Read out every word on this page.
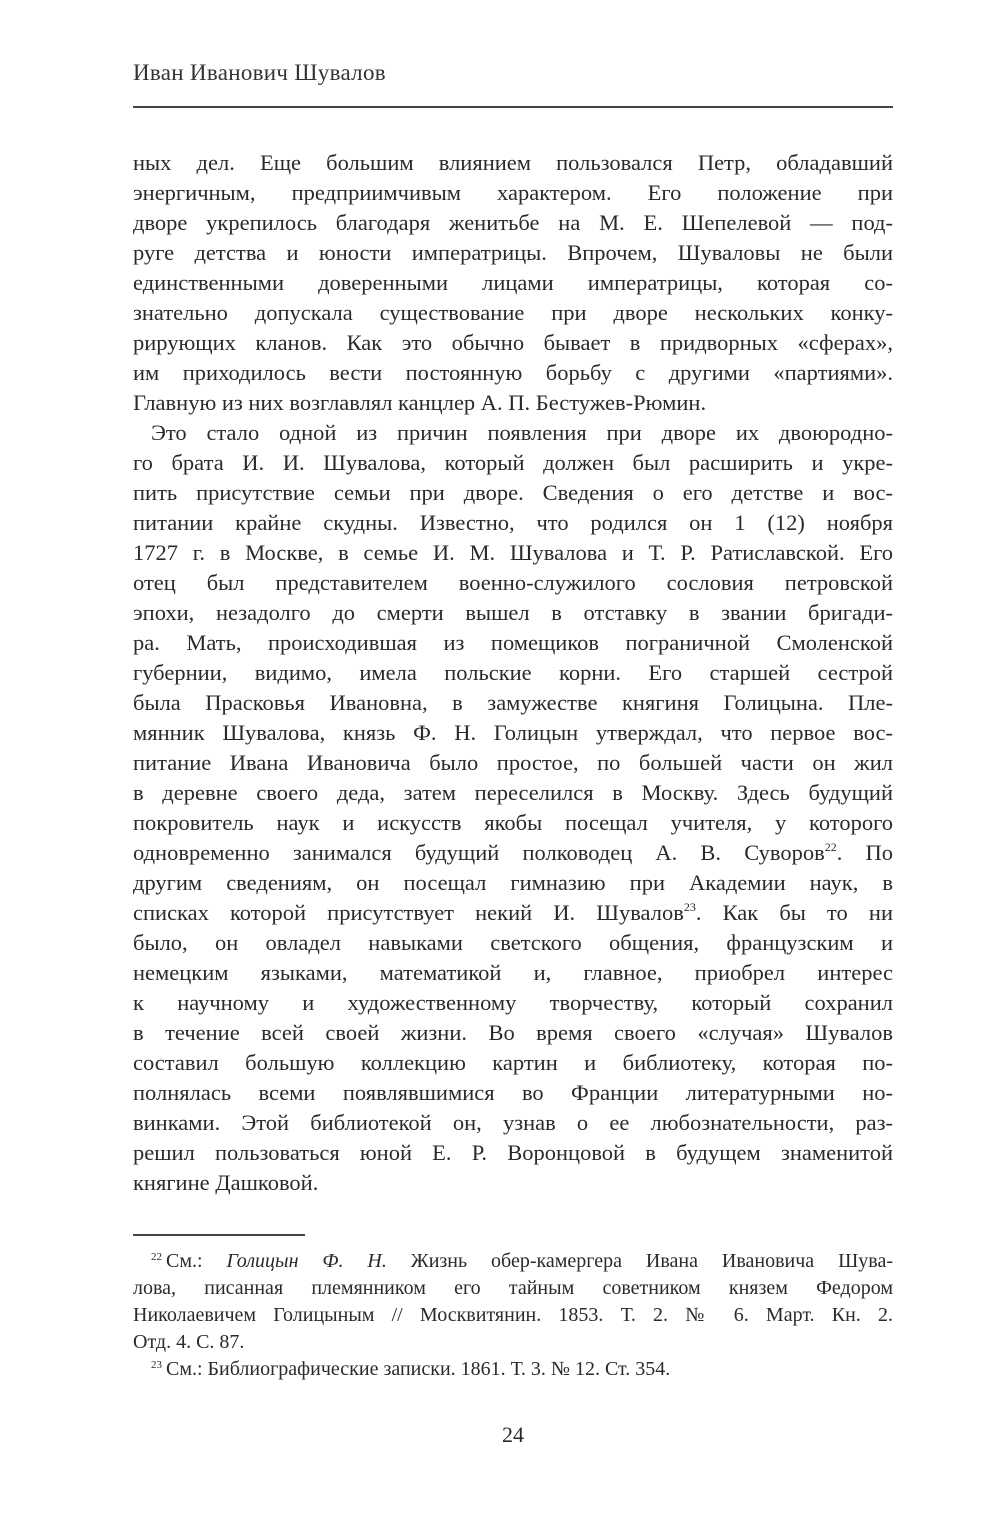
Иван Иванович Шувалов
ных дел. Еще большим влиянием пользовался Петр, обладавший
энергичным, предприимчивым характером. Его положение при
дворе укрепилось благодаря женитьбе на М. Е. Шепелевой — под-
руге детства и юности императрицы. Впрочем, Шуваловы не были
единственными доверенными лицами императрицы, которая со-
знательно допускала существование при дворе нескольких конку-
рирующих кланов. Как это обычно бывает в придворных «сферах»,
им приходилось вести постоянную борьбу с другими «партиями».
Главную из них возглавлял канцлер А. П. Бестужев-Рюмин.
Это стало одной из причин появления при дворе их двоюродно-
го брата И. И. Шувалова, который должен был расширить и укре-
пить присутствие семьи при дворе. Сведения о его детстве и вос-
питании крайне скудны. Известно, что родился он 1 (12) ноября
1727 г. в Москве, в семье И. М. Шувалова и Т. Р. Ратиславской. Его
отец был представителем военно-служилого сословия петровской
эпохи, незадолго до смерти вышел в отставку в звании бригади-
ра. Мать, происходившая из помещиков пограничной Смоленской
губернии, видимо, имела польские корни. Его старшей сестрой
была Прасковья Ивановна, в замужестве княгиня Голицына. Пле-
мянник Шувалова, князь Ф. Н. Голицын утверждал, что первое вос-
питание Ивана Ивановича было простое, по большей части он жил
в деревне своего деда, затем переселился в Москву. Здесь будущий
покровитель наук и искусств якобы посещал учителя, у которого
одновременно занимался будущий полководец А. В. Суворов$^{22}$. По
другим сведениям, он посещал гимназию при Академии наук, в
списках которой присутствует некий И. Шувалов$^{23}$. Как бы то ни
было, он овладел навыками светского общения, французским и
немецким языками, математикой и, главное, приобрел интерес
к научному и художественному творчеству, который сохранил
в течение всей своей жизни. Во время своего «случая» Шувалов
составил большую коллекцию картин и библиотеку, которая по-
полнялась всеми появлявшимися во Франции литературными но-
винками. Этой библиотекой он, узнав о ее любознательности, раз-
решил пользоваться юной Е. Р. Воронцовой в будущем знаменитой
княгине Дашковой.
$^{22}$ См.: Голицын Ф. Н. Жизнь обер-камергера Ивана Ивановича Шува-
лова, писанная племянником его тайным советником князем Федором
Николаевичем Голицыным // Москвитянин. 1853. Т. 2. № 6. Март. Кн. 2.
Отд. 4. С. 87.
$^{23}$ См.: Библиографические записки. 1861. Т. 3. № 12. Ст. 354.
24
